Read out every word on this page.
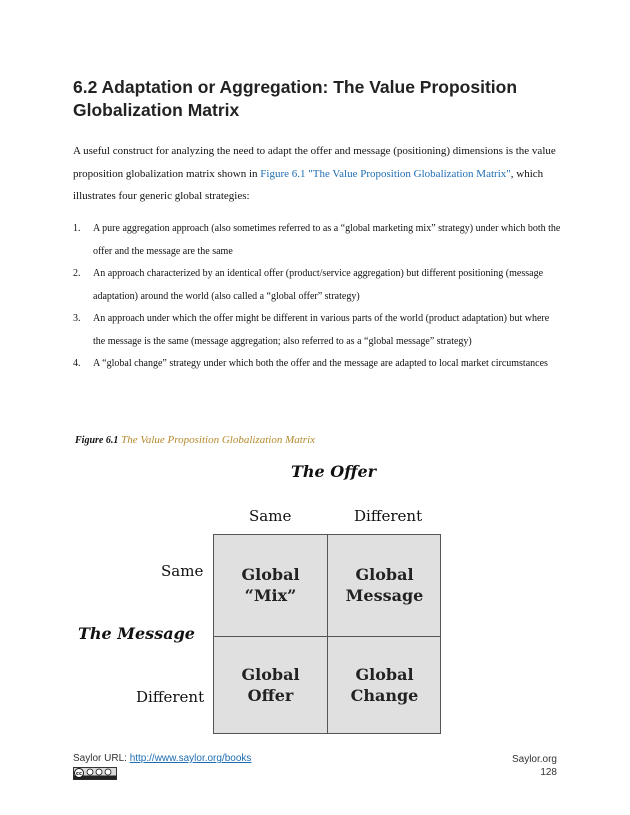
6.2 Adaptation or Aggregation: The Value Proposition Globalization Matrix
A useful construct for analyzing the need to adapt the offer and message (positioning) dimensions is the value proposition globalization matrix shown in Figure 6.1 "The Value Proposition Globalization Matrix", which illustrates four generic global strategies:
1. A pure aggregation approach (also sometimes referred to as a “global marketing mix” strategy) under which both the offer and the message are the same
2. An approach characterized by an identical offer (product/service aggregation) but different positioning (message adaptation) around the world (also called a “global offer” strategy)
3. An approach under which the offer might be different in various parts of the world (product adaptation) but where the message is the same (message aggregation; also referred to as a “global message” strategy)
4. A “global change” strategy under which both the offer and the message are adapted to local market circumstances
Figure 6.1 The Value Proposition Globalization Matrix
The Offer
Same	Different
Same
The Message
Different
Global
“Mix”
Global
Message
Global
Offer
Global
Change
Saylor URL: http://www.saylor.org/books	Saylor.org
128
cc
